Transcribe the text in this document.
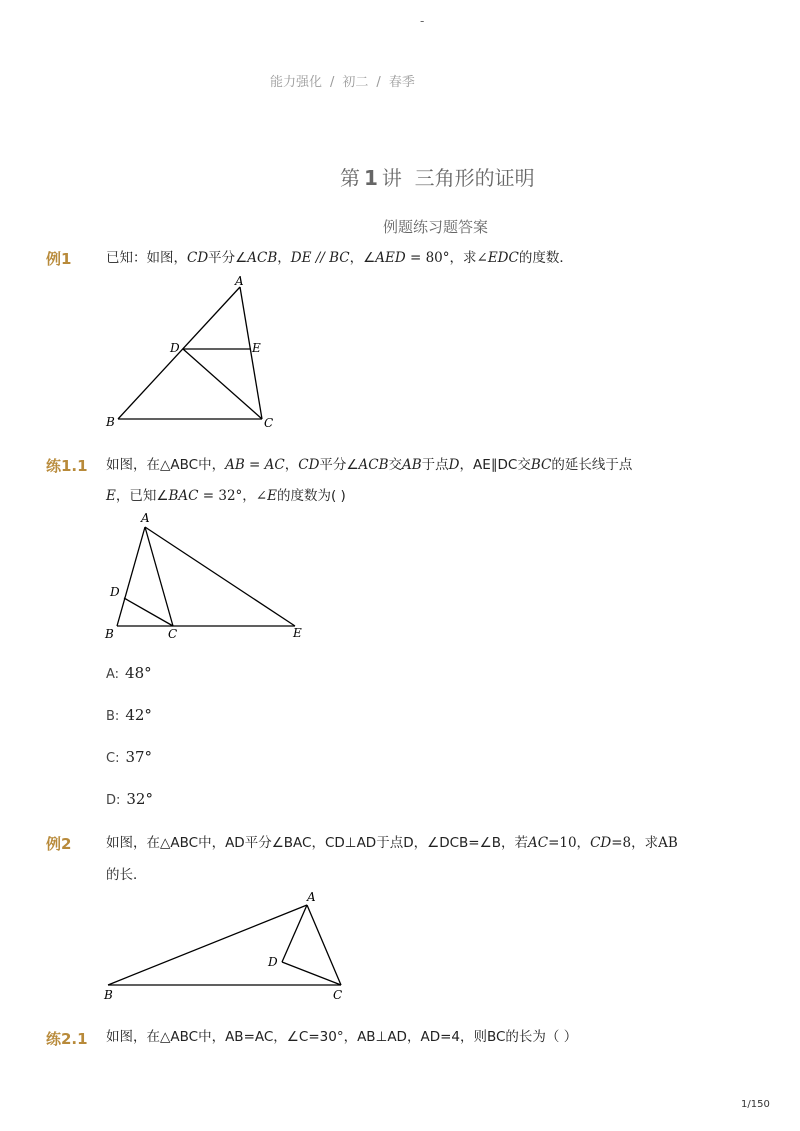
-
能力强化 / 初二 / 春季
第 1 讲 三角形的证明
例题练习题答案
例1	已知：如图，CD平分∠ACB，DE // BC，∠AED = 80°，求∠EDC的度数．
A
D	E
B	C
A
D
B	C	E
A
D
B	C
练1.1 如图，在△ABC中，AB = AC，CD平分∠ACB交AB于点D，AE∥DC交BC的延长线于点
E，已知∠BAC = 32°，∠E的度数为( )
A: 48°
B: 42°
C: 37°
D: 32°
例2	如图，在△ABC中，AD平分∠BAC，CD⊥AD于点D，∠DCB=∠B，若AC=10，CD=8，求AB
的长．
练2.1 如图，在△ABC中，AB=AC，∠C=30°，AB⊥AD，AD=4，则BC的长为（ ）
1/150
